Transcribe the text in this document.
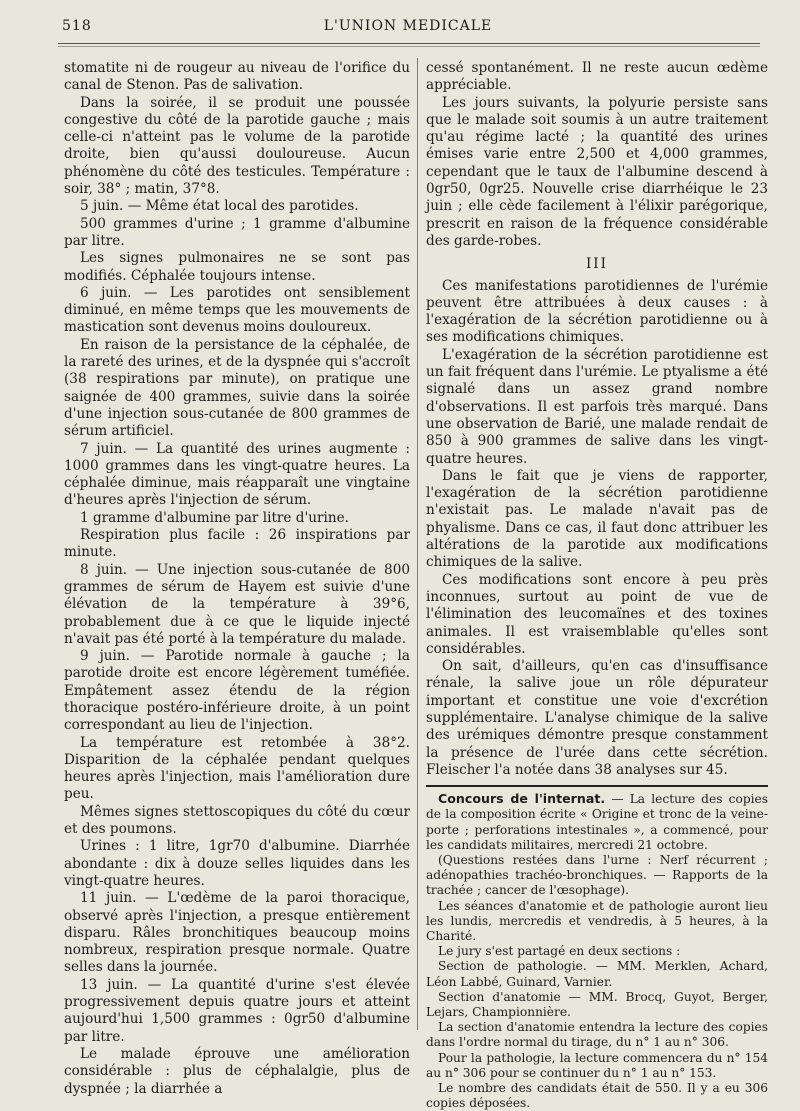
518	L'UNION MEDICALE

stomatite ni de rougeur au niveau de l'orifice du canal de Stenon. Pas de salivation.

Dans la soirée, il se produit une poussée congestive du côté de la parotide gauche ; mais celle-ci n'atteint pas le volume de la parotide droite, bien qu'aussi douloureuse. Aucun phénomène du côté des testicules. Température : soir, 38° ; matin, 37°8.

5 juin. — Même état local des parotides.

500 grammes d'urine ; 1 gramme d'albumine par litre.

Les signes pulmonaires ne se sont pas modifiés. Céphalée toujours intense.

6 juin. — Les parotides ont sensiblement diminué, en même temps que les mouvements de mastication sont devenus moins douloureux.

En raison de la persistance de la céphalée, de la rareté des urines, et de la dyspnée qui s'accroît (38 respirations par minute), on pratique une saignée de 400 grammes, suivie dans la soirée d'une injection sous-cutanée de 800 grammes de sérum artificiel.

7 juin. — La quantité des urines augmente : 1000 grammes dans les vingt-quatre heures. La céphalée diminue, mais réapparaît une vingtaine d'heures après l'injection de sérum.

1 gramme d'albumine par litre d'urine.

Respiration plus facile : 26 inspirations par minute.

8 juin. — Une injection sous-cutanée de 800 grammes de sérum de Hayem est suivie d'une élévation de la température à 39°6, probablement due à ce que le liquide injecté n'avait pas été porté à la température du malade.

9 juin. — Parotide normale à gauche ; la parotide droite est encore légèrement tuméfiée. Empâtement assez étendu de la région thoracique postéro-inférieure droite, à un point correspondant au lieu de l'injection.

La température est retombée à 38°2. Disparition de la céphalée pendant quelques heures après l'injection, mais l'amélioration dure peu.

Mêmes signes stettoscopiques du côté du cœur et des poumons.

Urines : 1 litre, 1gr70 d'albumine. Diarrhée abondante : dix à douze selles liquides dans les vingt-quatre heures.

11 juin. — L'œdème de la paroi thoracique, observé après l'injection, a presque entièrement disparu. Râles bronchitiques beaucoup moins nombreux, respiration presque normale. Quatre selles dans la journée.

13 juin. — La quantité d'urine s'est élevée progressivement depuis quatre jours et atteint aujourd'hui 1,500 grammes : 0gr50 d'albumine par litre.

Le malade éprouve une amélioration considérable : plus de céphalalgie, plus de dyspnée ; la diarrhée a

cessé spontanément. Il ne reste aucun œdème appréciable.

Les jours suivants, la polyurie persiste sans que le malade soit soumis à un autre traitement qu'au régime lacté ; la quantité des urines émises varie entre 2,500 et 4,000 grammes, cependant que le taux de l'albumine descend à 0gr50, 0gr25. Nouvelle crise diarrhéique le 23 juin ; elle cède facilement à l'élixir parégorique, prescrit en raison de la fréquence considérable des garde-robes.

III

Ces manifestations parotidiennes de l'urémie peuvent être attribuées à deux causes : à l'exagération de la sécrétion parotidienne ou à ses modifications chimiques.

L'exagération de la sécrétion parotidienne est un fait fréquent dans l'urémie. Le ptyalisme a été signalé dans un assez grand nombre d'observations. Il est parfois très marqué. Dans une observation de Barié, une malade rendait de 850 à 900 grammes de salive dans les vingt-quatre heures.

Dans le fait que je viens de rapporter, l'exagération de la sécrétion parotidienne n'existait pas. Le malade n'avait pas de phyalisme. Dans ce cas, il faut donc attribuer les altérations de la parotide aux modifications chimiques de la salive.

Ces modifications sont encore à peu près inconnues, surtout au point de vue de l'élimination des leucomaïnes et des toxines animales. Il est vraisemblable qu'elles sont considérables.

On sait, d'ailleurs, qu'en cas d'insuffisance rénale, la salive joue un rôle dépurateur important et constitue une voie d'excrétion supplémentaire. L'analyse chimique de la salive des urémiques démontre presque constamment la présence de l'urée dans cette sécrétion. Fleischer l'a notée dans 38 analyses sur 45.

Concours de l'internat. — La lecture des copies de la composition écrite « Origine et tronc de la veine-porte ; perforations intestinales », a commencé, pour les candidats militaires, mercredi 21 octobre.

(Questions restées dans l'urne : Nerf récurrent ; adénopathies trachéo-bronchiques. — Rapports de la trachée ; cancer de l'œsophage).

Les séances d'anatomie et de pathologie auront lieu les lundis, mercredis et vendredis, à 5 heures, à la Charité.

Le jury s'est partagé en deux sections :

Section de pathologie. — MM. Merklen, Achard, Léon Labbé, Guinard, Varnier.

Section d'anatomie — MM. Brocq, Guyot, Berger, Lejars, Championnière.

La section d'anatomie entendra la lecture des copies dans l'ordre normal du tirage, du n° 1 au n° 306.

Pour la pathologie, la lecture commencera du n° 154 au n° 306 pour se continuer du n° 1 au n° 153.

Le nombre des candidats était de 550. Il y a eu 306 copies déposées.
